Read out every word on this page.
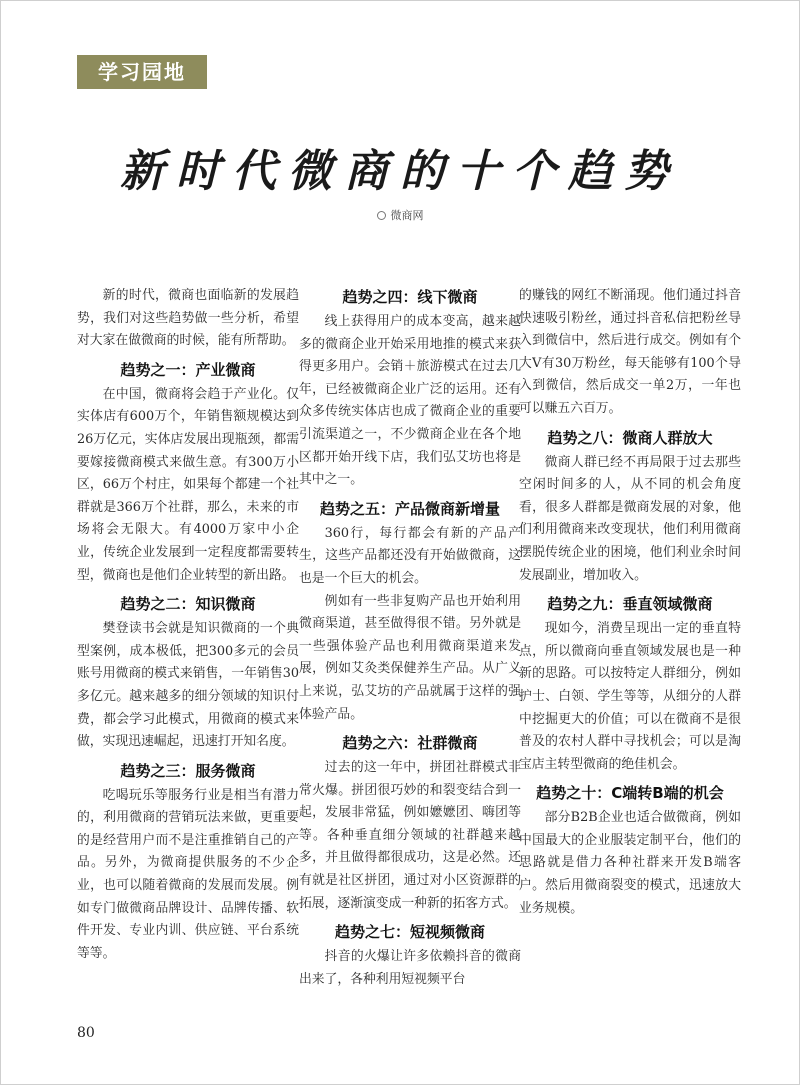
学习园地
新时代微商的十个趋势
微商网

新的时代，微商也面临新的发展趋势，我们对这些趋势做一些分析，希望对大家在做微商的时候，能有所帮助。

趋势之一：产业微商

在中国，微商将会趋于产业化。仅实体店有600万个，年销售额规模达到26万亿元，实体店发展出现瓶颈，都需要嫁接微商模式来做生意。有300万小区，66万个村庄，如果每个都建一个社群就是366万个社群，那么，未来的市场将会无限大。有4000万家中小企业，传统企业发展到一定程度都需要转型，微商也是他们企业转型的新出路。

趋势之二：知识微商

樊登读书会就是知识微商的一个典型案例，成本极低，把300多元的会员账号用微商的模式来销售，一年销售30多亿元。越来越多的细分领域的知识付费，都会学习此模式，用微商的模式来做，实现迅速崛起，迅速打开知名度。

趋势之三：服务微商

吃喝玩乐等服务行业是相当有潜力的，利用微商的营销玩法来做，更重要的是经营用户而不是注重推销自己的产品。另外，为微商提供服务的不少企业，也可以随着微商的发展而发展。例如专门做微商品牌设计、品牌传播、软件开发、专业内训、供应链、平台系统等等。

趋势之四：线下微商

线上获得用户的成本变高，越来越多的微商企业开始采用地推的模式来获得更多用户。会销＋旅游模式在过去几年，已经被微商企业广泛的运用。还有众多传统实体店也成了微商企业的重要引流渠道之一，不少微商企业在各个地区都开始开线下店，我们弘艾坊也将是其中之一。

趋势之五：产品微商新增量

360行，每行都会有新的产品产生，这些产品都还没有开始做微商，这也是一个巨大的机会。

例如有一些非复购产品也开始利用微商渠道，甚至做得很不错。另外就是一些强体验产品也利用微商渠道来发展，例如艾灸类保健养生产品。从广义上来说，弘艾坊的产品就属于这样的强体验产品。

趋势之六：社群微商

过去的这一年中，拼团社群模式非常火爆。拼团很巧妙的和裂变结合到一起，发展非常猛，例如嬷嬷团、嗨团等等。各种垂直细分领域的社群越来越多，并且做得都很成功，这是必然。还有就是社区拼团，通过对小区资源群的拓展，逐渐演变成一种新的拓客方式。

趋势之七：短视频微商

抖音的火爆让许多依赖抖音的微商出来了，各种利用短视频平台

的赚钱的网红不断涌现。他们通过抖音快速吸引粉丝，通过抖音私信把粉丝导入到微信中，然后进行成交。例如有个大V有30万粉丝，每天能够有100个导入到微信，然后成交一单2万，一年也可以赚五六百万。

趋势之八：微商人群放大

微商人群已经不再局限于过去那些空闲时间多的人，从不同的机会角度看，很多人群都是微商发展的对象，他们利用微商来改变现状，他们利用微商摆脱传统企业的困境，他们利业余时间发展副业，增加收入。

趋势之九：垂直领域微商

现如今，消费呈现出一定的垂直特点，所以微商向垂直领域发展也是一种新的思路。可以按特定人群细分，例如护士、白领、学生等等，从细分的人群中挖掘更大的价值；可以在微商不是很普及的农村人群中寻找机会；可以是淘宝店主转型微商的绝佳机会。

趋势之十：C端转B端的机会

部分B2B企业也适合做微商，例如中国最大的企业服装定制平台，他们的思路就是借力各种社群来开发B端客户。然后用微商裂变的模式，迅速放大业务规模。

80
